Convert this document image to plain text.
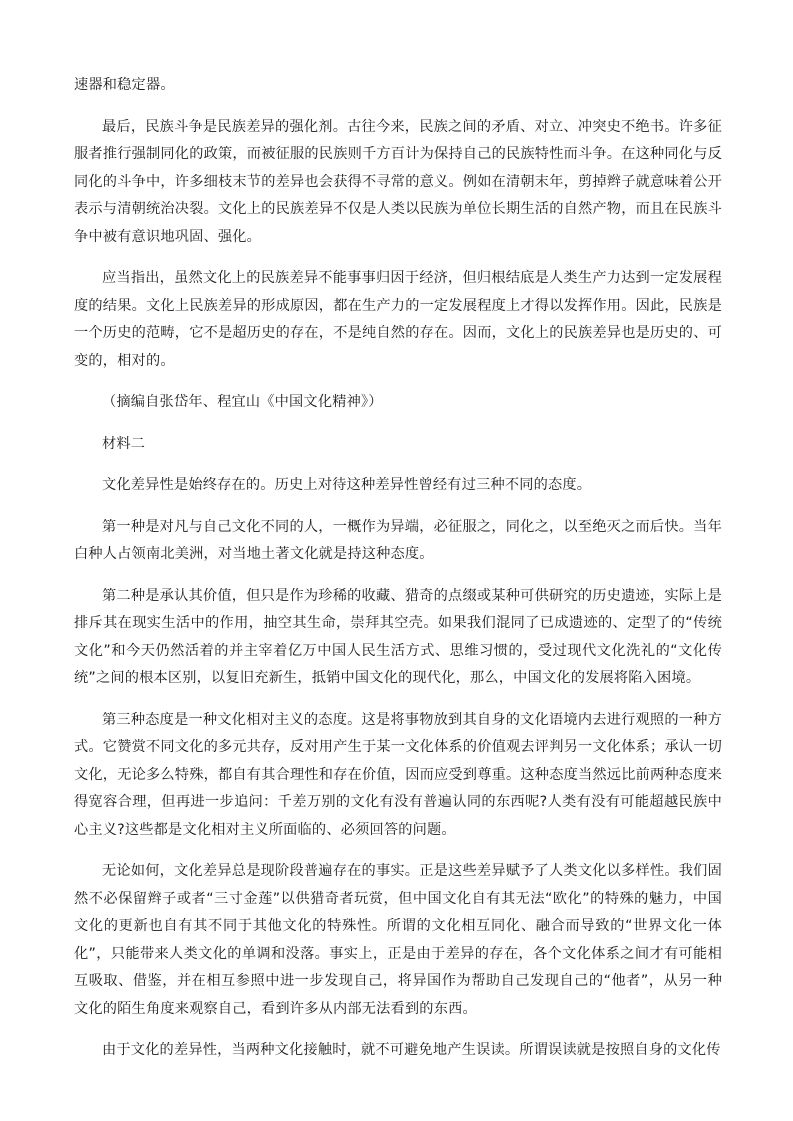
速器和稳定器。

最后，民族斗争是民族差异的强化剂。古往今来，民族之间的矛盾、对立、冲突史不绝书。许多征服者推行强制同化的政策，而被征服的民族则千方百计为保持自己的民族特性而斗争。在这种同化与反同化的斗争中，许多细枝末节的差异也会获得不寻常的意义。例如在清朝末年，剪掉辫子就意味着公开表示与清朝统治决裂。文化上的民族差异不仅是人类以民族为单位长期生活的自然产物，而且在民族斗争中被有意识地巩固、强化。

应当指出，虽然文化上的民族差异不能事事归因于经济，但归根结底是人类生产力达到一定发展程度的结果。文化上民族差异的形成原因，都在生产力的一定发展程度上才得以发挥作用。因此，民族是一个历史的范畴，它不是超历史的存在，不是纯自然的存在。因而，文化上的民族差异也是历史的、可变的，相对的。

（摘编自张岱年、程宜山《中国文化精神》）

材料二

文化差异性是始终存在的。历史上对待这种差异性曾经有过三种不同的态度。

第一种是对凡与自己文化不同的人，一概作为异端，必征服之，同化之，以至绝灭之而后快。当年白种人占领南北美洲，对当地土著文化就是持这种态度。

第二种是承认其价值，但只是作为珍稀的收藏、猎奇的点缀或某种可供研究的历史遗迹，实际上是排斥其在现实生活中的作用，抽空其生命，崇拜其空壳。如果我们混同了已成遗迹的、定型了的“传统文化”和今天仍然活着的并主宰着亿万中国人民生活方式、思维习惯的，受过现代文化洗礼的“文化传统”之间的根本区别，以复旧充新生，抵销中国文化的现代化，那么，中国文化的发展将陷入困境。

第三种态度是一种文化相对主义的态度。这是将事物放到其自身的文化语境内去进行观照的一种方式。它赞赏不同文化的多元共存，反对用产生于某一文化体系的价值观去评判另一文化体系；承认一切文化，无论多么特殊，都自有其合理性和存在价值，因而应受到尊重。这种态度当然远比前两种态度来得宽容合理，但再进一步追问：千差万别的文化有没有普遍认同的东西呢?人类有没有可能超越民族中心主义?这些都是文化相对主义所面临的、必须回答的问题。

无论如何，文化差异总是现阶段普遍存在的事实。正是这些差异赋予了人类文化以多样性。我们固然不必保留辫子或者“三寸金莲”以供猎奇者玩赏，但中国文化自有其无法“欧化”的特殊的魅力，中国文化的更新也自有其不同于其他文化的特殊性。所谓的文化相互同化、融合而导致的“世界文化一体化”，只能带来人类文化的单调和没落。事实上，正是由于差异的存在，各个文化体系之间才有可能相互吸取、借鉴，并在相互参照中进一步发现自己，将异国作为帮助自己发现自己的“他者”，从另一种文化的陌生角度来观察自己，看到许多从内部无法看到的东西。

由于文化的差异性，当两种文化接触时，就不可避免地产生误读。所谓误读就是按照自身的文化传
